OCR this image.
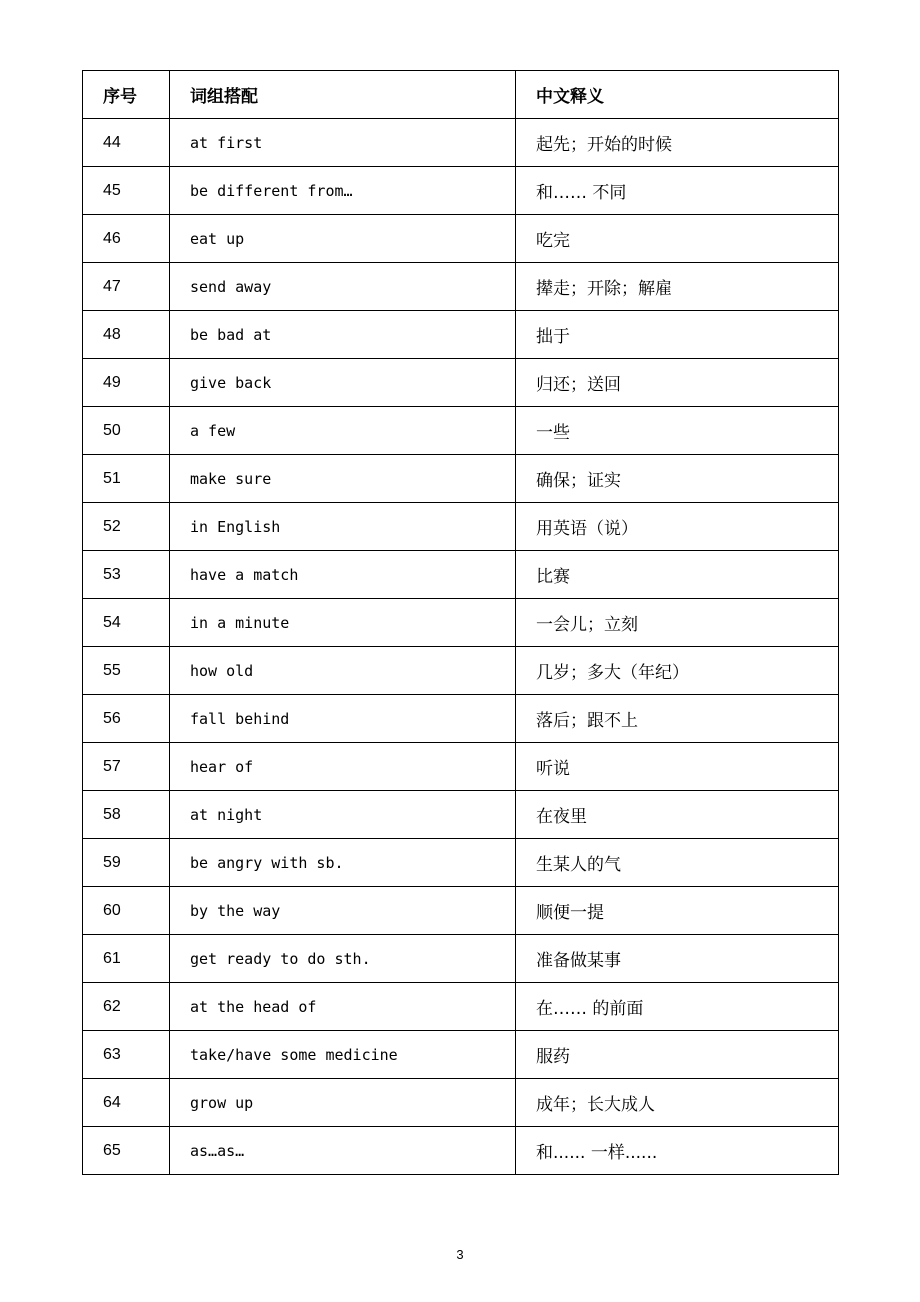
序号	词组搭配	中文释义
44	at first	起先；开始的时候
45	be different from…	和…… 不同
46	eat up	吃完
47	send away	撵走；开除；解雇
48	be bad at	拙于
49	give back	归还；送回
50	a few	一些
51	make sure	确保；证实
52	in English	用英语（说）
53	have a match	比赛
54	in a minute	一会儿；立刻
55	how old	几岁；多大（年纪）
56	fall behind	落后；跟不上
57	hear of	听说
58	at night	在夜里
59	be angry with sb.	生某人的气
60	by the way	顺便一提
61	get ready to do sth.	准备做某事
62	at the head of	在…… 的前面
63	take/have some medicine	服药
64	grow up	成年；长大成人
65	as…as…	和...... 一样......
3
